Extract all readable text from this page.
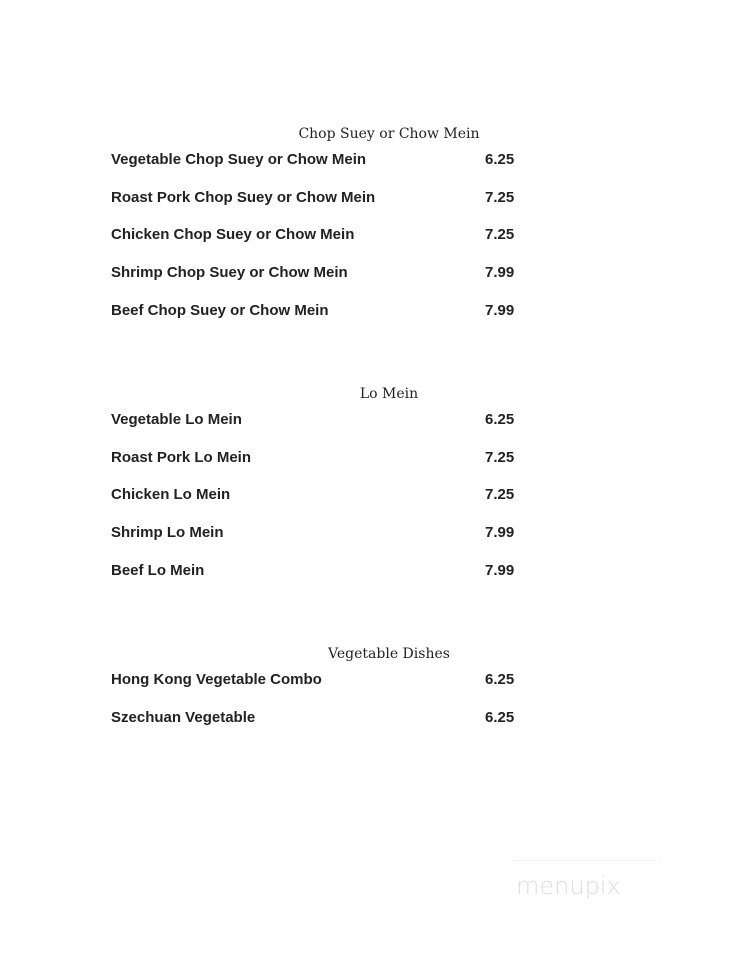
Chop Suey or Chow Mein
Vegetable Chop Suey or Chow Mein	6.25
Roast Pork Chop Suey or Chow Mein	7.25
Chicken Chop Suey or Chow Mein	7.25
Shrimp Chop Suey or Chow Mein	7.99
Beef Chop Suey or Chow Mein	7.99
Lo Mein
Vegetable Lo Mein	6.25
Roast Pork Lo Mein	7.25
Chicken Lo Mein	7.25
Shrimp Lo Mein	7.99
Beef Lo Mein	7.99
Vegetable Dishes
Hong Kong Vegetable Combo	6.25
Szechuan Vegetable	6.25
menupix
